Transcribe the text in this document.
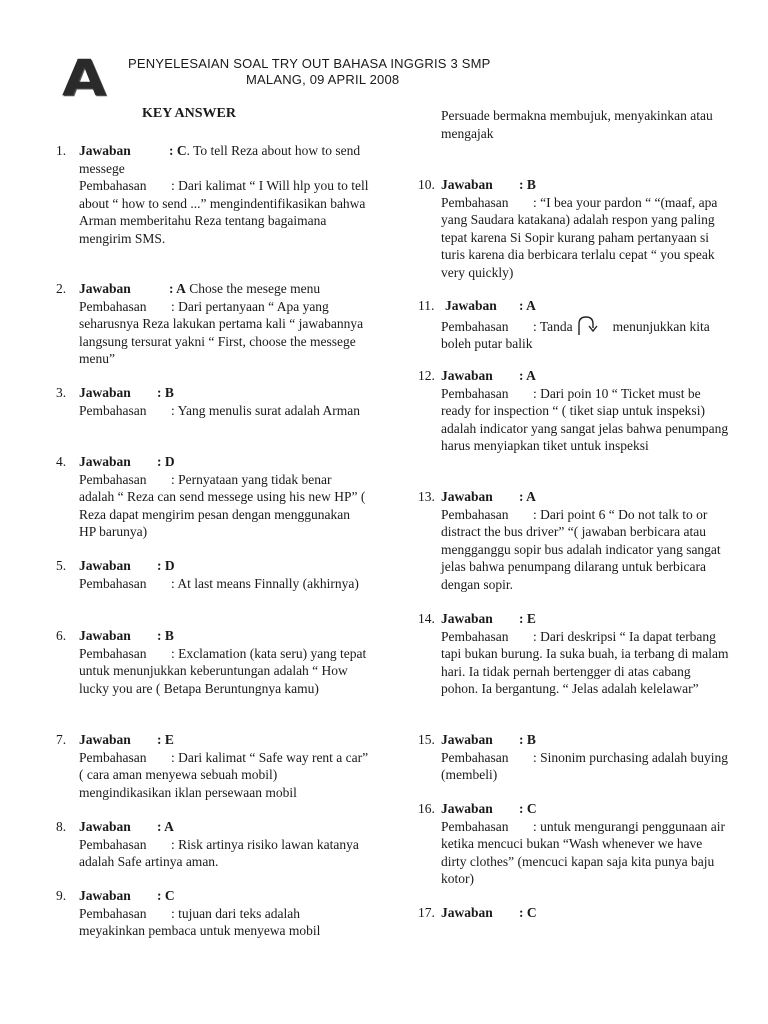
A	PENYELESAIAN SOAL TRY OUT BAHASA INGGRIS 3 SMP
MALANG, 09 APRIL 2008
KEY ANSWER
1. Jawaban	: C. To tell Reza about how to send messege
Pembahasan : Dari kalimat “ I Will hlp you to tell about “ how to send ...” mengindentifikasikan bahwa Arman memberitahu Reza tentang bagaimana mengirim SMS.
2. Jawaban	: A Chose the mesege menu
Pembahasan : Dari pertanyaan “ Apa yang seharusnya Reza lakukan pertama kali “ jawabannya langsung tersurat yakni “ First, choose the messege menu”
3. Jawaban : B
Pembahasan : Yang menulis surat adalah Arman
4. Jawaban : D
Pembahasan : Pernyataan yang tidak benar adalah “ Reza can send messege using his new HP” ( Reza dapat mengirim pesan dengan menggunakan HP barunya)
5. Jawaban : D
Pembahasan : At last means Finnally (akhirnya)
6. Jawaban : B
Pembahasan : Exclamation (kata seru) yang tepat untuk menunjukkan keberuntungan adalah “ How lucky you are ( Betapa Beruntungnya kamu)
7. Jawaban : E
Pembahasan : Dari kalimat “ Safe way rent a car” ( cara aman menyewa sebuah mobil) mengindikasikan iklan persewaan mobil
8. Jawaban : A
Pembahasan : Risk artinya risiko lawan katanya adalah Safe artinya aman.
9. Jawaban : C
Pembahasan : tujuan dari teks adalah meyakinkan pembaca untuk menyewa mobil
Persuade bermakna membujuk, menyakinkan atau mengajak
10. Jawaban : B
Pembahasan : “I bea your pardon “ “(maaf, apa yang Saudara katakana) adalah respon yang paling tepat karena Si Sopir kurang paham pertanyaan si turis karena dia berbicara terlalu cepat “ you speak very quickly)
11. Jawaban : A

Pembahasan : Tanda	menunjukkan kita boleh putar balik
12. Jawaban : A
Pembahasan : Dari poin 10 “ Ticket must be ready for inspection “ ( tiket siap untuk inspeksi) adalah indicator yang sangat jelas bahwa penumpang harus menyiapkan tiket untuk inspeksi
13. Jawaban : A
Pembahasan : Dari point 6 “ Do not talk to or distract the bus driver” “( jawaban berbicara atau mengganggu sopir bus adalah indicator yang sangat jelas bahwa penumpang dilarang untuk berbicara dengan sopir.
14. Jawaban : E
Pembahasan : Dari deskripsi “ Ia dapat terbang tapi bukan burung. Ia suka buah, ia terbang di malam hari. Ia tidak pernah bertengger di atas cabang pohon. Ia bergantung. “ Jelas adalah kelelawar”
15. Jawaban : B
Pembahasan : Sinonim purchasing adalah buying (membeli)
16. Jawaban : C
Pembahasan : untuk mengurangi penggunaan air ketika mencuci bukan “Wash whenever we have dirty clothes” (mencuci kapan saja kita punya baju kotor)
17. Jawaban : C
